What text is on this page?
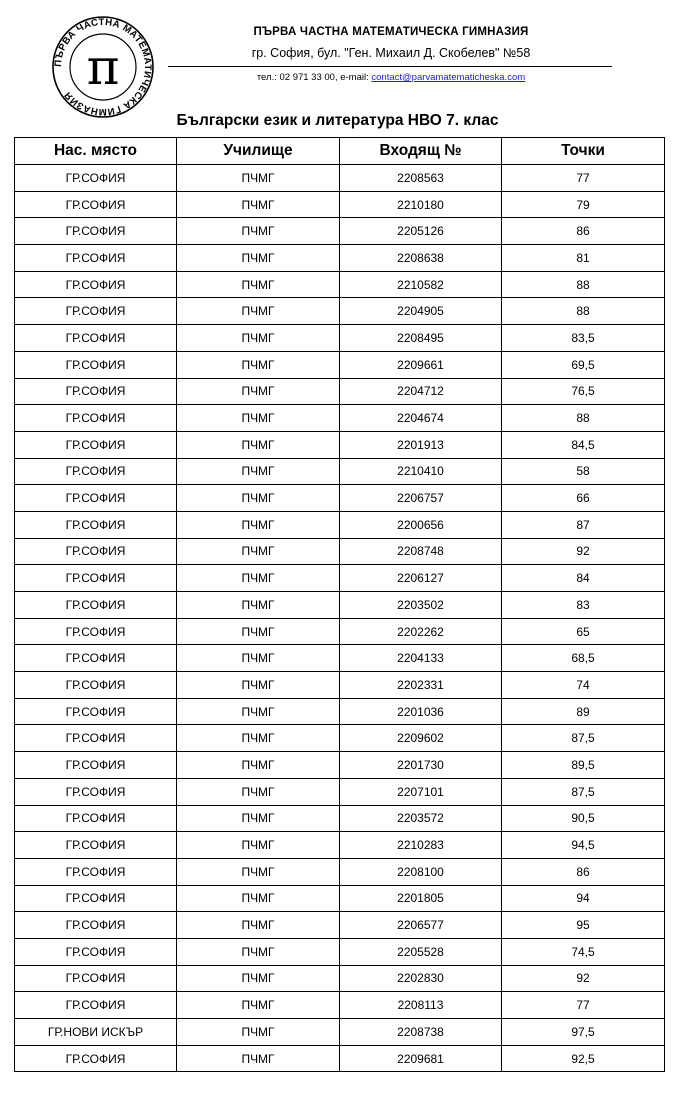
ПЪРВА ЧАСТНА МАТЕМАТИЧЕСКА ГИМНАЗИЯ π
ПЪРВА ЧАСТНА МАТЕМАТИЧЕСКА ГИМНАЗИЯ
гр. София, бул. "Ген. Михаил Д. Скобелев" №58
тел.: 02 971 33 00, e-mail: contact@parvamatematicheska.com
Български език и литература НВО 7. клас
Нас. място	Училище	Входящ №	Точки
ГР.СОФИЯ	ПЧМГ	2208563	77
ГР.СОФИЯ	ПЧМГ	2210180	79
ГР.СОФИЯ	ПЧМГ	2205126	86
ГР.СОФИЯ	ПЧМГ	2208638	81
ГР.СОФИЯ	ПЧМГ	2210582	88
ГР.СОФИЯ	ПЧМГ	2204905	88
ГР.СОФИЯ	ПЧМГ	2208495	83,5
ГР.СОФИЯ	ПЧМГ	2209661	69,5
ГР.СОФИЯ	ПЧМГ	2204712	76,5
ГР.СОФИЯ	ПЧМГ	2204674	88
ГР.СОФИЯ	ПЧМГ	2201913	84,5
ГР.СОФИЯ	ПЧМГ	2210410	58
ГР.СОФИЯ	ПЧМГ	2206757	66
ГР.СОФИЯ	ПЧМГ	2200656	87
ГР.СОФИЯ	ПЧМГ	2208748	92
ГР.СОФИЯ	ПЧМГ	2206127	84
ГР.СОФИЯ	ПЧМГ	2203502	83
ГР.СОФИЯ	ПЧМГ	2202262	65
ГР.СОФИЯ	ПЧМГ	2204133	68,5
ГР.СОФИЯ	ПЧМГ	2202331	74
ГР.СОФИЯ	ПЧМГ	2201036	89
ГР.СОФИЯ	ПЧМГ	2209602	87,5
ГР.СОФИЯ	ПЧМГ	2201730	89,5
ГР.СОФИЯ	ПЧМГ	2207101	87,5
ГР.СОФИЯ	ПЧМГ	2203572	90,5
ГР.СОФИЯ	ПЧМГ	2210283	94,5
ГР.СОФИЯ	ПЧМГ	2208100	86
ГР.СОФИЯ	ПЧМГ	2201805	94
ГР.СОФИЯ	ПЧМГ	2206577	95
ГР.СОФИЯ	ПЧМГ	2205528	74,5
ГР.СОФИЯ	ПЧМГ	2202830	92
ГР.СОФИЯ	ПЧМГ	2208113	77
ГР.НОВИ ИСКЪР	ПЧМГ	2208738	97,5
ГР.СОФИЯ	ПЧМГ	2209681	92,5
